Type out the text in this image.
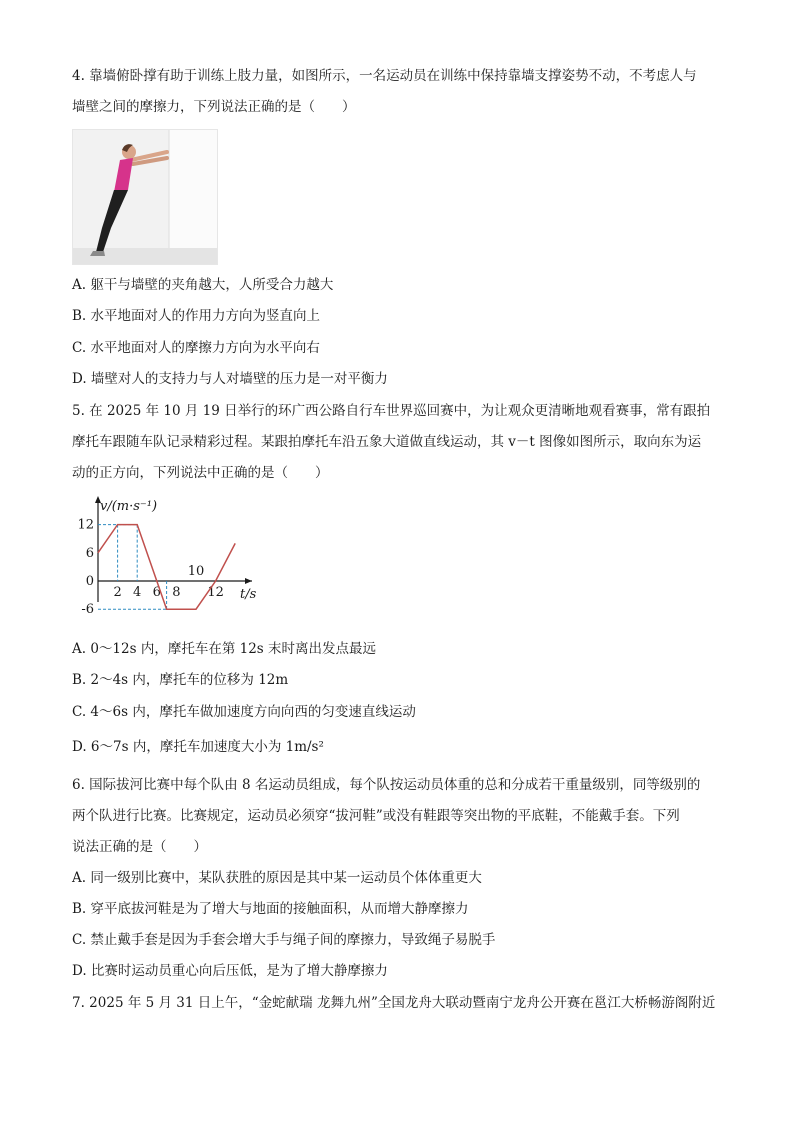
4. 靠墙俯卧撑有助于训练上肢力量，如图所示，一名运动员在训练中保持靠墙支撑姿势不动，不考虑人与
墙壁之间的摩擦力，下列说法正确的是（　　）
A. 躯干与墙壁的夹角越大，人所受合力越大
B. 水平地面对人的作用力方向为竖直向上
C. 水平地面对人的摩擦力方向为水平向右
D. 墙壁对人的支持力与人对墙壁的压力是一对平衡力
5. 在 2025 年 10 月 19 日举行的环广西公路自行车世界巡回赛中，为让观众更清晰地观看赛事，常有跟拍
摩托车跟随车队记录精彩过程。某跟拍摩托车沿五象大道做直线运动，其 v－t 图像如图所示，取向东为运
动的正方向，下列说法中正确的是（　　）
v/(m·s⁻¹)
t/s
12
6
0
-6
2 4 6 8
10
12
A. 0～12s 内，摩托车在第 12s 末时离出发点最远
B. 2～4s 内，摩托车的位移为 12m
C. 4～6s 内，摩托车做加速度方向向西的匀变速直线运动
D. 6～7s 内，摩托车加速度大小为 1m/s²
6. 国际拔河比赛中每个队由 8 名运动员组成，每个队按运动员体重的总和分成若干重量级别，同等级别的
两个队进行比赛。比赛规定，运动员必须穿“拔河鞋”或没有鞋跟等突出物的平底鞋，不能戴手套。下列
说法正确的是（　　）
A. 同一级别比赛中，某队获胜的原因是其中某一运动员个体体重更大
B. 穿平底拔河鞋是为了增大与地面的接触面积，从而增大静摩擦力
C. 禁止戴手套是因为手套会增大手与绳子间的摩擦力，导致绳子易脱手
D. 比赛时运动员重心向后压低，是为了增大静摩擦力
7. 2025 年 5 月 31 日上午，“金蛇献瑞 龙舞九州”全国龙舟大联动暨南宁龙舟公开赛在邕江大桥畅游阁附近
